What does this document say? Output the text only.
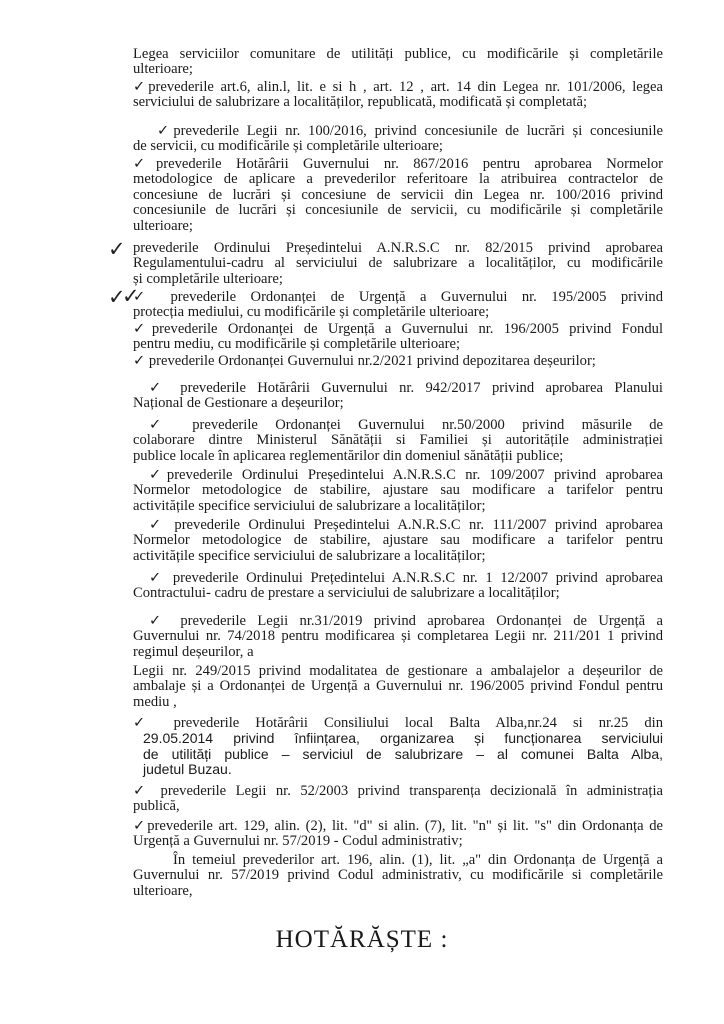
✓
✓
✓
Legea serviciilor comunitare de utilități publice, cu modificările și completările
ulterioare;
✓prevederile art.6, alin.l, lit. e si h , art. 12 , art. 14 din Legea nr. 101/2006, legea
serviciului de salubrizare a localităților, republicată, modificată și completată;
✓prevederile Legii nr. 100/2016, privind concesiunile de lucrări și concesiunile
de servicii, cu modificările și completările ulterioare;
✓prevederile Hotărârii Guvernului nr. 867/2016 pentru aprobarea Normelor
metodologice de aplicare a prevederilor referitoare la atribuirea contractelor de
concesiune de lucrări și concesiune de servicii din Legea nr. 100/2016 privind
concesiunile de lucrări și concesiunile de servicii, cu modificările și completările
ulterioare;
prevederile Ordinului Președintelui A.N.R.S.C nr. 82/2015 privind aprobarea
Regulamentului-cadru al serviciului de salubrizare a localităților, cu modificările
și completările ulterioare;
✓ prevederile Ordonanței de Urgență a Guvernului nr. 195/2005 privind
protecția mediului, cu modificările și completările ulterioare;
✓prevederile Ordonanței de Urgență a Guvernului nr. 196/2005 privind Fondul
pentru mediu, cu modificările și completările ulterioare;
✓ prevederile Ordonanței Guvernului nr.2/2021 privind depozitarea deșeurilor;
✓ prevederile Hotărârii Guvernului nr. 942/2017 privind aprobarea Planului
Național de Gestionare a deșeurilor;
✓ prevederile Ordonanței Guvernului nr.50/2000 privind măsurile de
colaborare dintre Ministerul Sănătății si Familiei și autoritățile administrației
publice locale în aplicarea reglementărilor din domeniul sănătății publice;
✓prevederile Ordinului Președintelui A.N.R.S.C nr. 109/2007 privind aprobarea
Normelor metodologice de stabilire, ajustare sau modificare a tarifelor pentru
activitățile specifice serviciului de salubrizare a localităților;
✓ prevederile Ordinului Președintelui A.N.R.S.C nr. 111/2007 privind aprobarea
Normelor metodologice de stabilire, ajustare sau modificare a tarifelor pentru
activitățile specifice serviciului de salubrizare a localităților;
✓ prevederile Ordinului Prețedintelui A.N.R.S.C nr. 1 12/2007 privind aprobarea
Contractului- cadru de prestare a serviciului de salubrizare a localităților;
✓ prevederile Legii nr.31/2019 privind aprobarea Ordonanței de Urgență a
Guvernului nr. 74/2018 pentru modificarea și completarea Legii nr. 211/201 1 privind
regimul deșeurilor, a
Legii nr. 249/2015 privind modalitatea de gestionare a ambalajelor a deșeurilor de
ambalaje și a Ordonanței de Urgență a Guvernului nr. 196/2005 privind Fondul pentru
mediu ,
✓ prevederile Hotărârii Consiliului local Balta Alba,nr.24 si nr.25 din
29.05.2014 privind înființarea, organizarea și funcționarea serviciului
de utilități publice – serviciul de salubrizare – al comunei Balta Alba,
judetul Buzau.
✓ prevederile Legii nr. 52/2003 privind transparența decizională în administrația
publică,
✓prevederile art. 129, alin. (2), lit. "d" si alin. (7), lit. "n" și lit. "s" din Ordonanța de
Urgență a Guvernului nr. 57/2019 - Codul administrativ;
În temeiul prevederilor art. 196, alin. (1), lit. „a" din Ordonanța de Urgență a
Guvernului nr. 57/2019 privind Codul administrativ, cu modificările si completările
ulterioare,
HOTĂRĂȘTE :
